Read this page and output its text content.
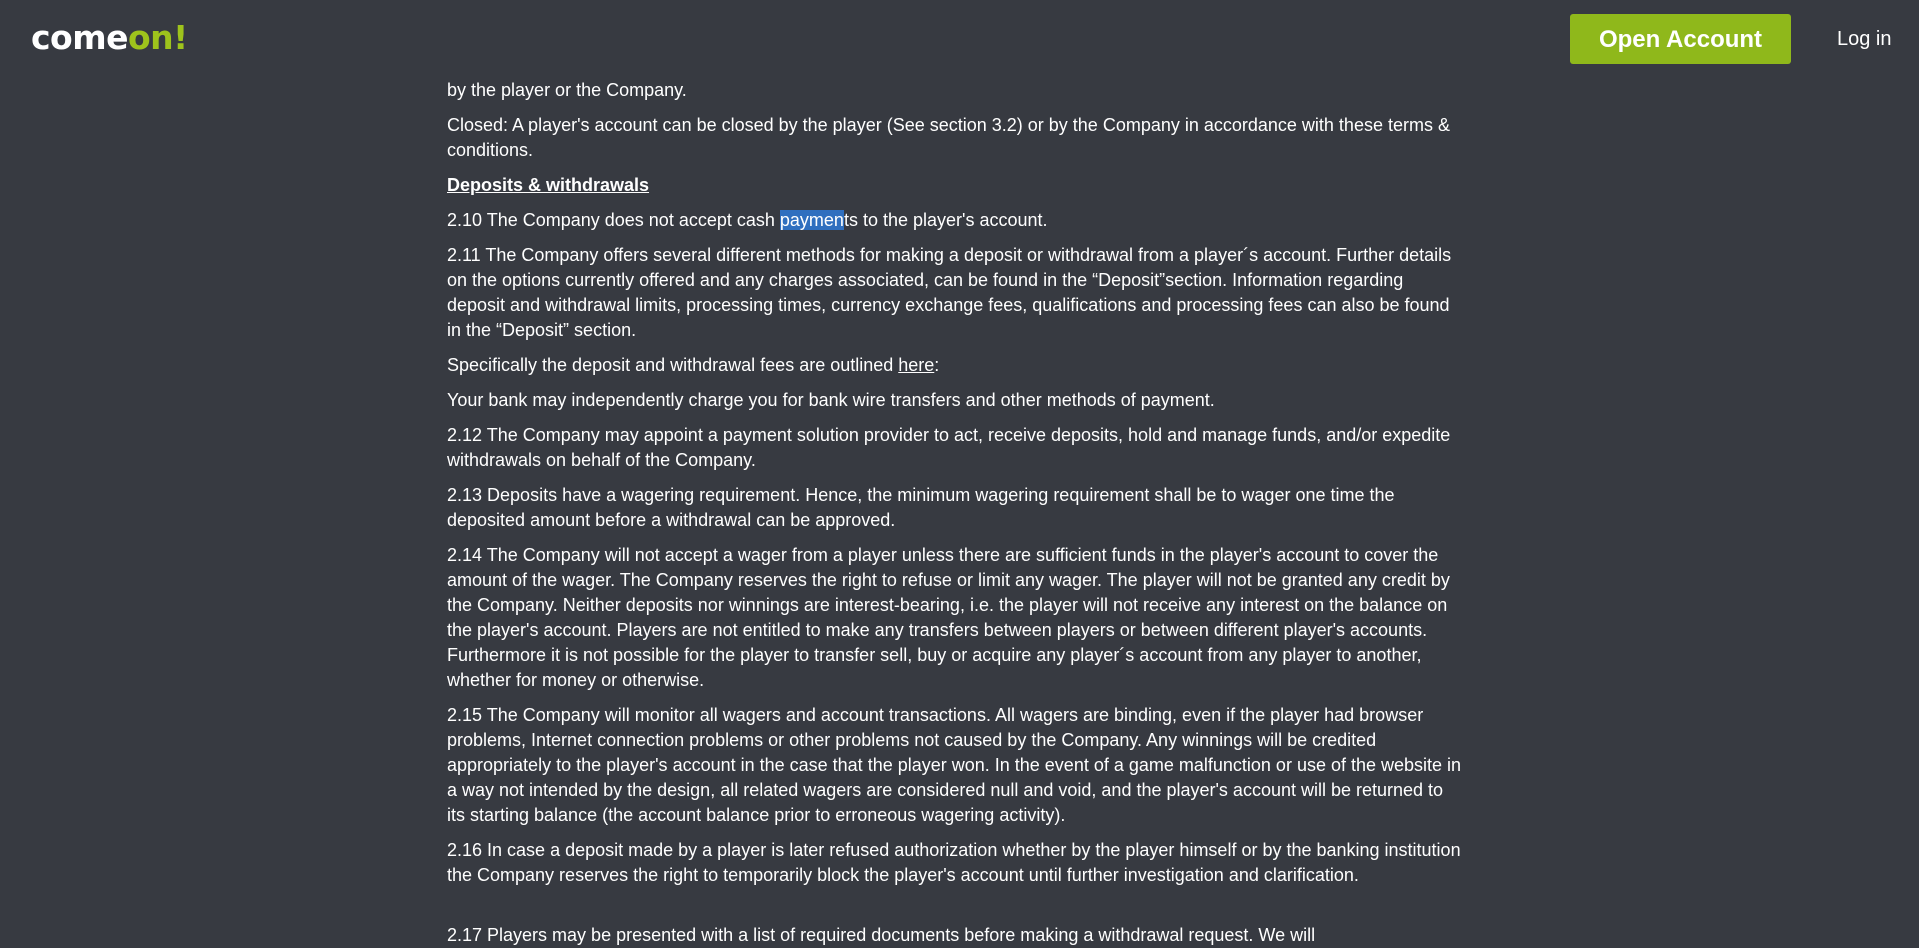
comeon!	Open Account	Log in

by the player or the Company.

Closed: A player's account can be closed by the player (See section 3.2) or by the Company in accordance with these terms & conditions.

Deposits & withdrawals

2.10 The Company does not accept cash payments to the player's account.

2.11 The Company offers several different methods for making a deposit or withdrawal from a player´s account. Further details on the options currently offered and any charges associated, can be found in the “Deposit”section. Information regarding deposit and withdrawal limits, processing times, currency exchange fees, qualifications and processing fees can also be found in the “Deposit” section.

Specifically the deposit and withdrawal fees are outlined here:

Your bank may independently charge you for bank wire transfers and other methods of payment.

2.12 The Company may appoint a payment solution provider to act, receive deposits, hold and manage funds, and/or expedite withdrawals on behalf of the Company.

2.13 Deposits have a wagering requirement. Hence, the minimum wagering requirement shall be to wager one time the deposited amount before a withdrawal can be approved.

2.14 The Company will not accept a wager from a player unless there are sufficient funds in the player's account to cover the amount of the wager. The Company reserves the right to refuse or limit any wager. The player will not be granted any credit by the Company. Neither deposits nor winnings are interest-bearing, i.e. the player will not receive any interest on the balance on the player's account. Players are not entitled to make any transfers between players or between different player's accounts. Furthermore it is not possible for the player to transfer sell, buy or acquire any player´s account from any player to another, whether for money or otherwise.

2.15 The Company will monitor all wagers and account transactions. All wagers are binding, even if the player had browser problems, Internet connection problems or other problems not caused by the Company. Any winnings will be credited appropriately to the player's account in the case that the player won. In the event of a game malfunction or use of the website in a way not intended by the design, all related wagers are considered null and void, and the player's account will be returned to its starting balance (the account balance prior to erroneous wagering activity).

2.16 In case a deposit made by a player is later refused authorization whether by the player himself or by the banking institution the Company reserves the right to temporarily block the player's account until further investigation and clarification.

2.17 Players may be presented with a list of required documents before making a withdrawal request. We will
